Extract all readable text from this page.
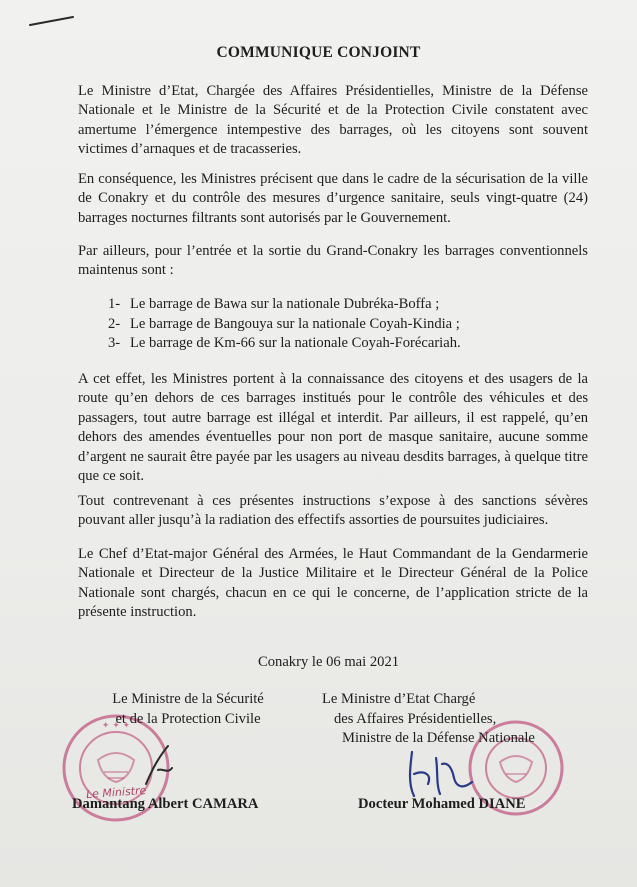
COMMUNIQUE CONJOINT

Le Ministre d’Etat, Chargée des Affaires Présidentielles, Ministre de la Défense Nationale et le Ministre de la Sécurité et de la Protection Civile constatent avec amertume l’émergence intempestive des barrages, où les citoyens sont souvent victimes d’arnaques et de tracasseries.

En conséquence, les Ministres précisent que dans le cadre de la sécurisation de la ville de Conakry et du contrôle des mesures d’urgence sanitaire, seuls vingt-quatre (24) barrages nocturnes filtrants sont autorisés par le Gouvernement.

Par ailleurs, pour l’entrée et la sortie du Grand-Conakry les barrages conventionnels maintenus sont :

1- Le barrage de Bawa sur la nationale Dubréka-Boffa ;
2- Le barrage de Bangouya sur la nationale Coyah-Kindia ;
3- Le barrage de Km-66 sur la nationale Coyah-Forécariah.

A cet effet, les Ministres portent à la connaissance des citoyens et des usagers de la route qu’en dehors de ces barrages institués pour le contrôle des véhicules et des passagers, tout autre barrage est illégal et interdit. Par ailleurs, il est rappelé, qu’en dehors des amendes éventuelles pour non port de masque sanitaire, aucune somme d’argent ne saurait être payée par les usagers au niveau desdits barrages, à quelque titre que ce soit.

Tout contrevenant à ces présentes instructions s’expose à des sanctions sévères pouvant aller jusqu’à la radiation des effectifs assorties de poursuites judiciaires.

Le Chef d’Etat-major Général des Armées, le Haut Commandant de la Gendarmerie Nationale et Directeur de la Justice Militaire et le Directeur Général de la Police Nationale sont chargés, chacun en ce qui le concerne, de l’application stricte de la présente instruction.

Conakry le 06 mai 2021
✦ ✦ ✦
Le Ministre
Le Ministre de la Sécurité
et de la Protection Civile
Le Ministre d’Etat Chargé
des Affaires Présidentielles,
Ministre de la Défense Nationale
Damantang Albert CAMARA	Docteur Mohamed DIANE
